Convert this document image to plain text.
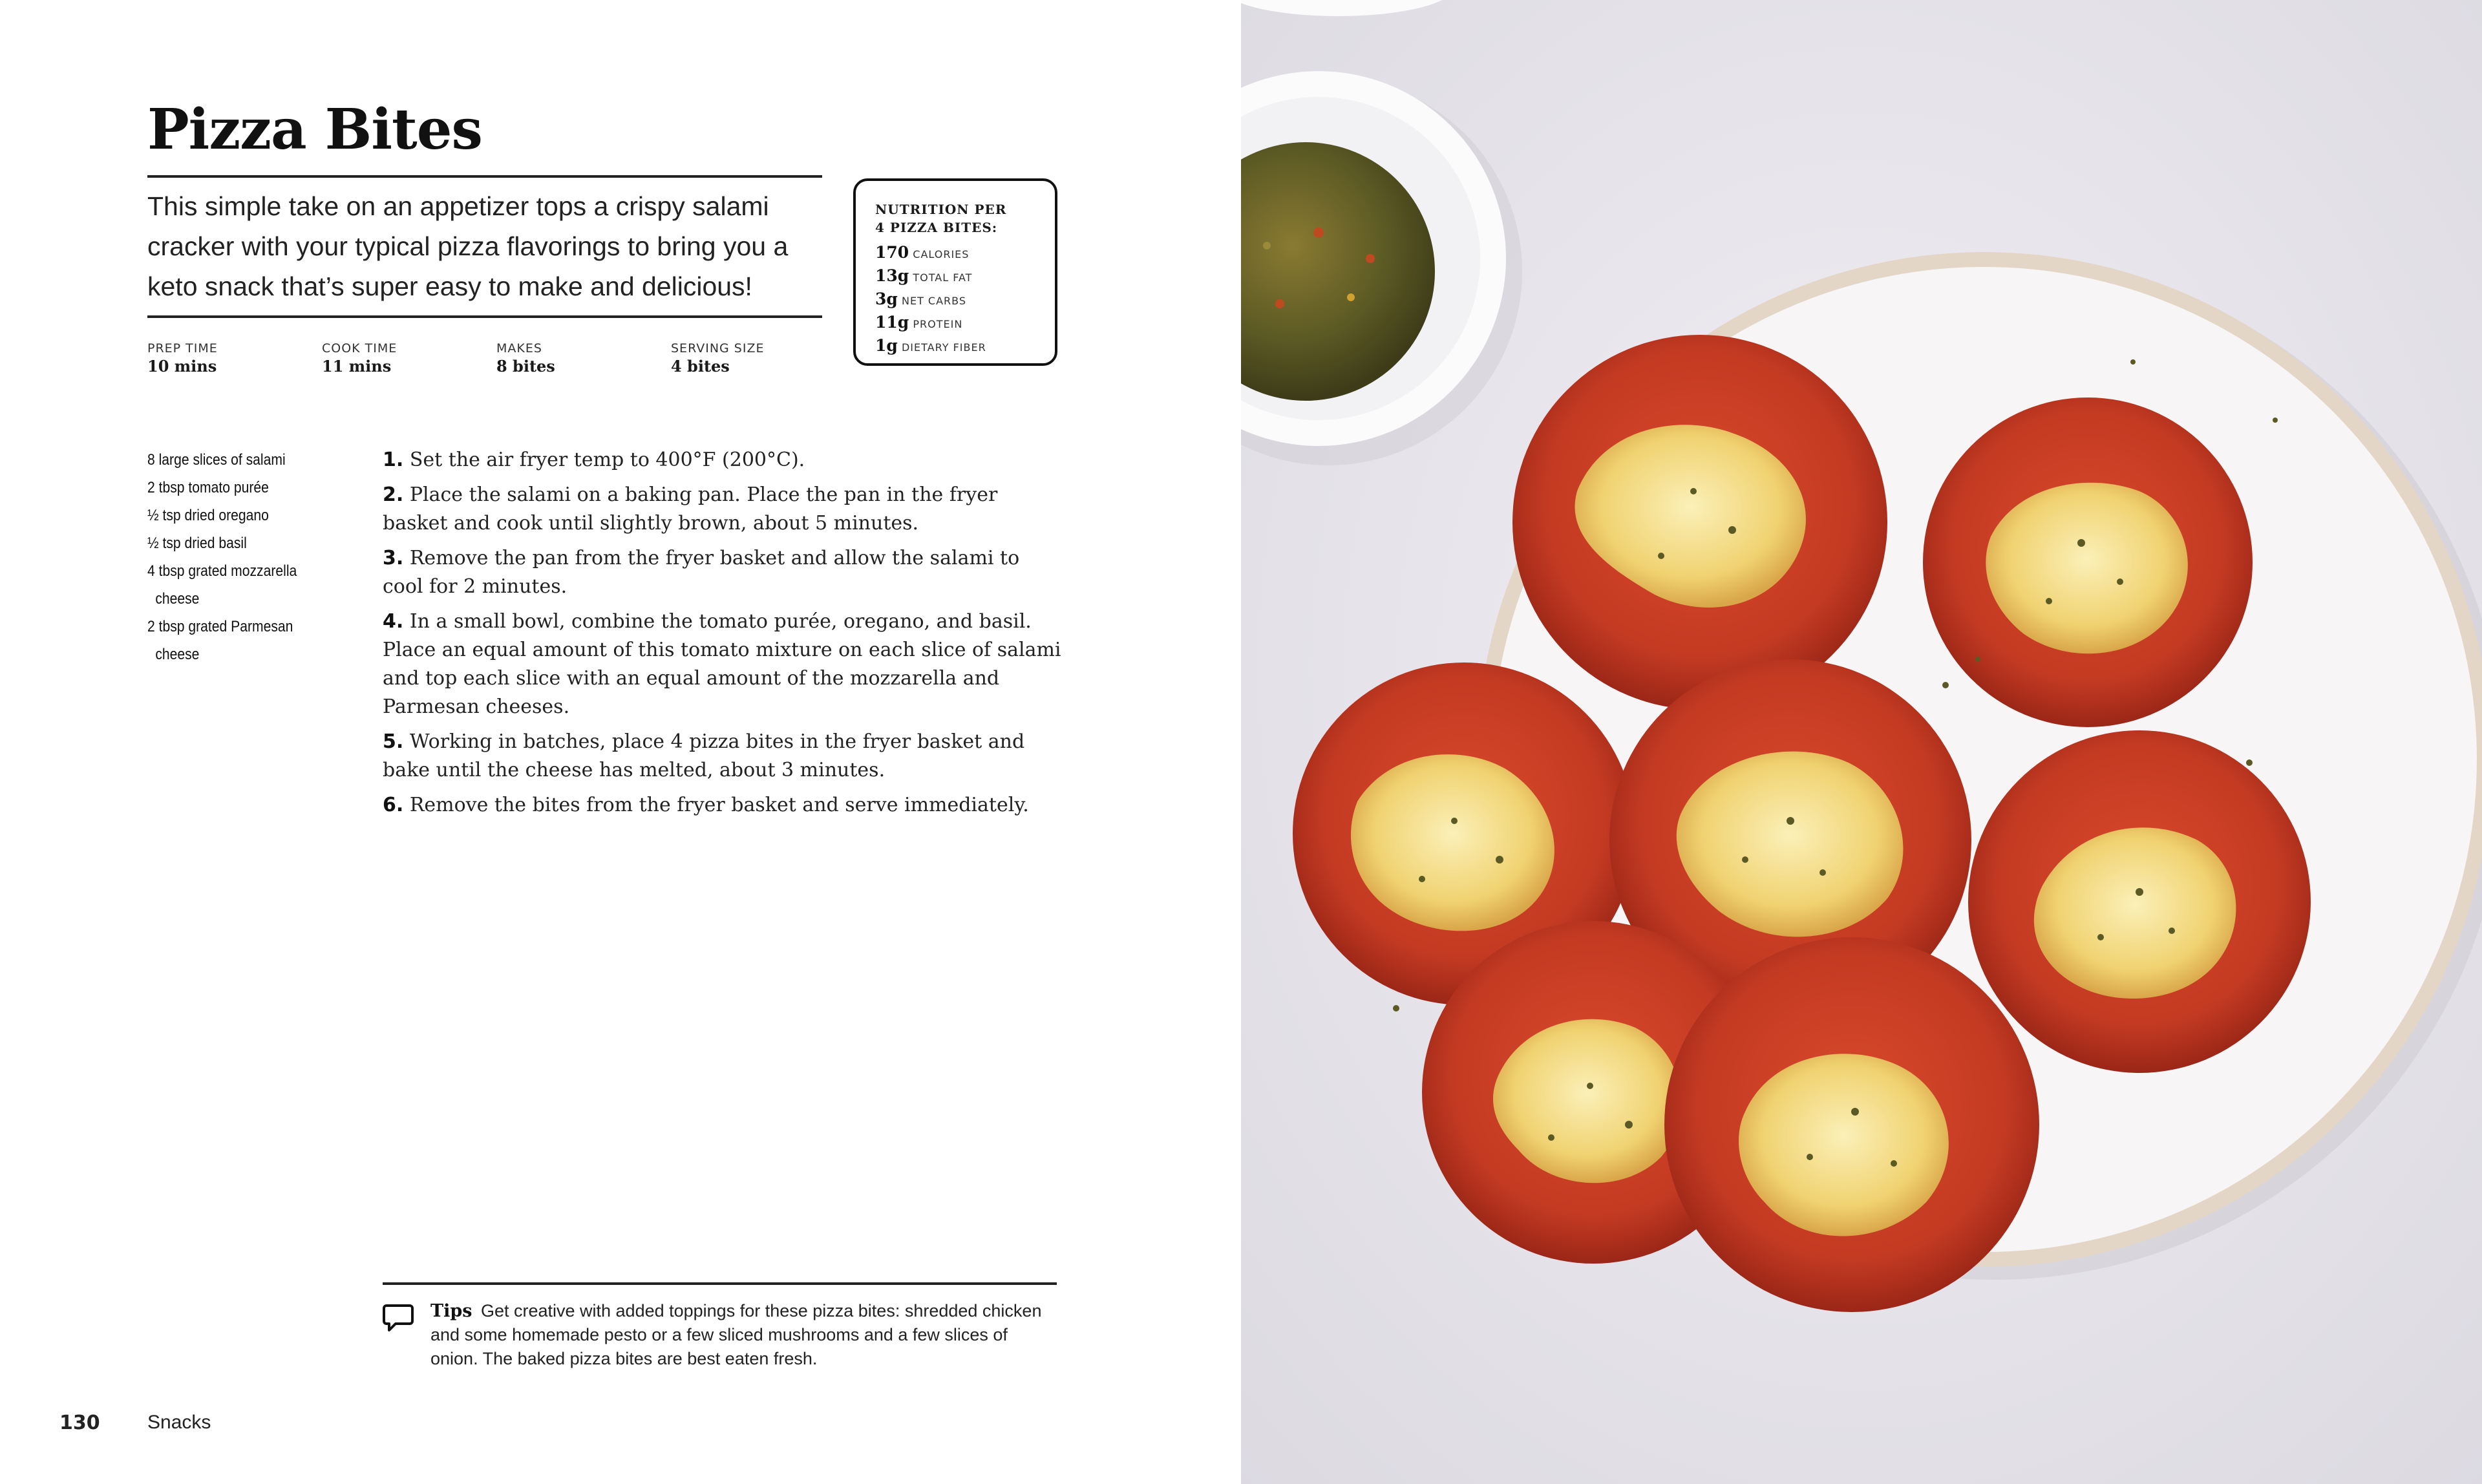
Pizza Bites
This simple take on an appetizer tops a crispy salami cracker with your typical pizza flavorings to bring you a keto snack that’s super easy to make and delicious!
PREP TIME
10 mins
COOK TIME
11 mins
MAKES
8 bites
SERVING SIZE
4 bites
NUTRITION PER
4 PIZZA BITES:
170 CALORIES
13g TOTAL FAT
3g NET CARBS
11g PROTEIN
1g DIETARY FIBER
8 large slices of salami
2 tbsp tomato purée
½ tsp dried oregano
½ tsp dried basil
4 tbsp grated mozzarella cheese
2 tbsp grated Parmesan cheese
1. Set the air fryer temp to 400°F (200°C).
2. Place the salami on a baking pan. Place the pan in the fryer basket and cook until slightly brown, about 5 minutes.
3. Remove the pan from the fryer basket and allow the salami to cool for 2 minutes.
4. In a small bowl, combine the tomato purée, oregano, and basil. Place an equal amount of this tomato mixture on each slice of salami and top each slice with an equal amount of the mozzarella and Parmesan cheeses.
5. Working in batches, place 4 pizza bites in the fryer basket and bake until the cheese has melted, about 3 minutes.
6. Remove the bites from the fryer basket and serve immediately.
Tips Get creative with added toppings for these pizza bites: shredded chicken and some homemade pesto or a few sliced mushrooms and a few slices of onion. The baked pizza bites are best eaten fresh.
130 Snacks
